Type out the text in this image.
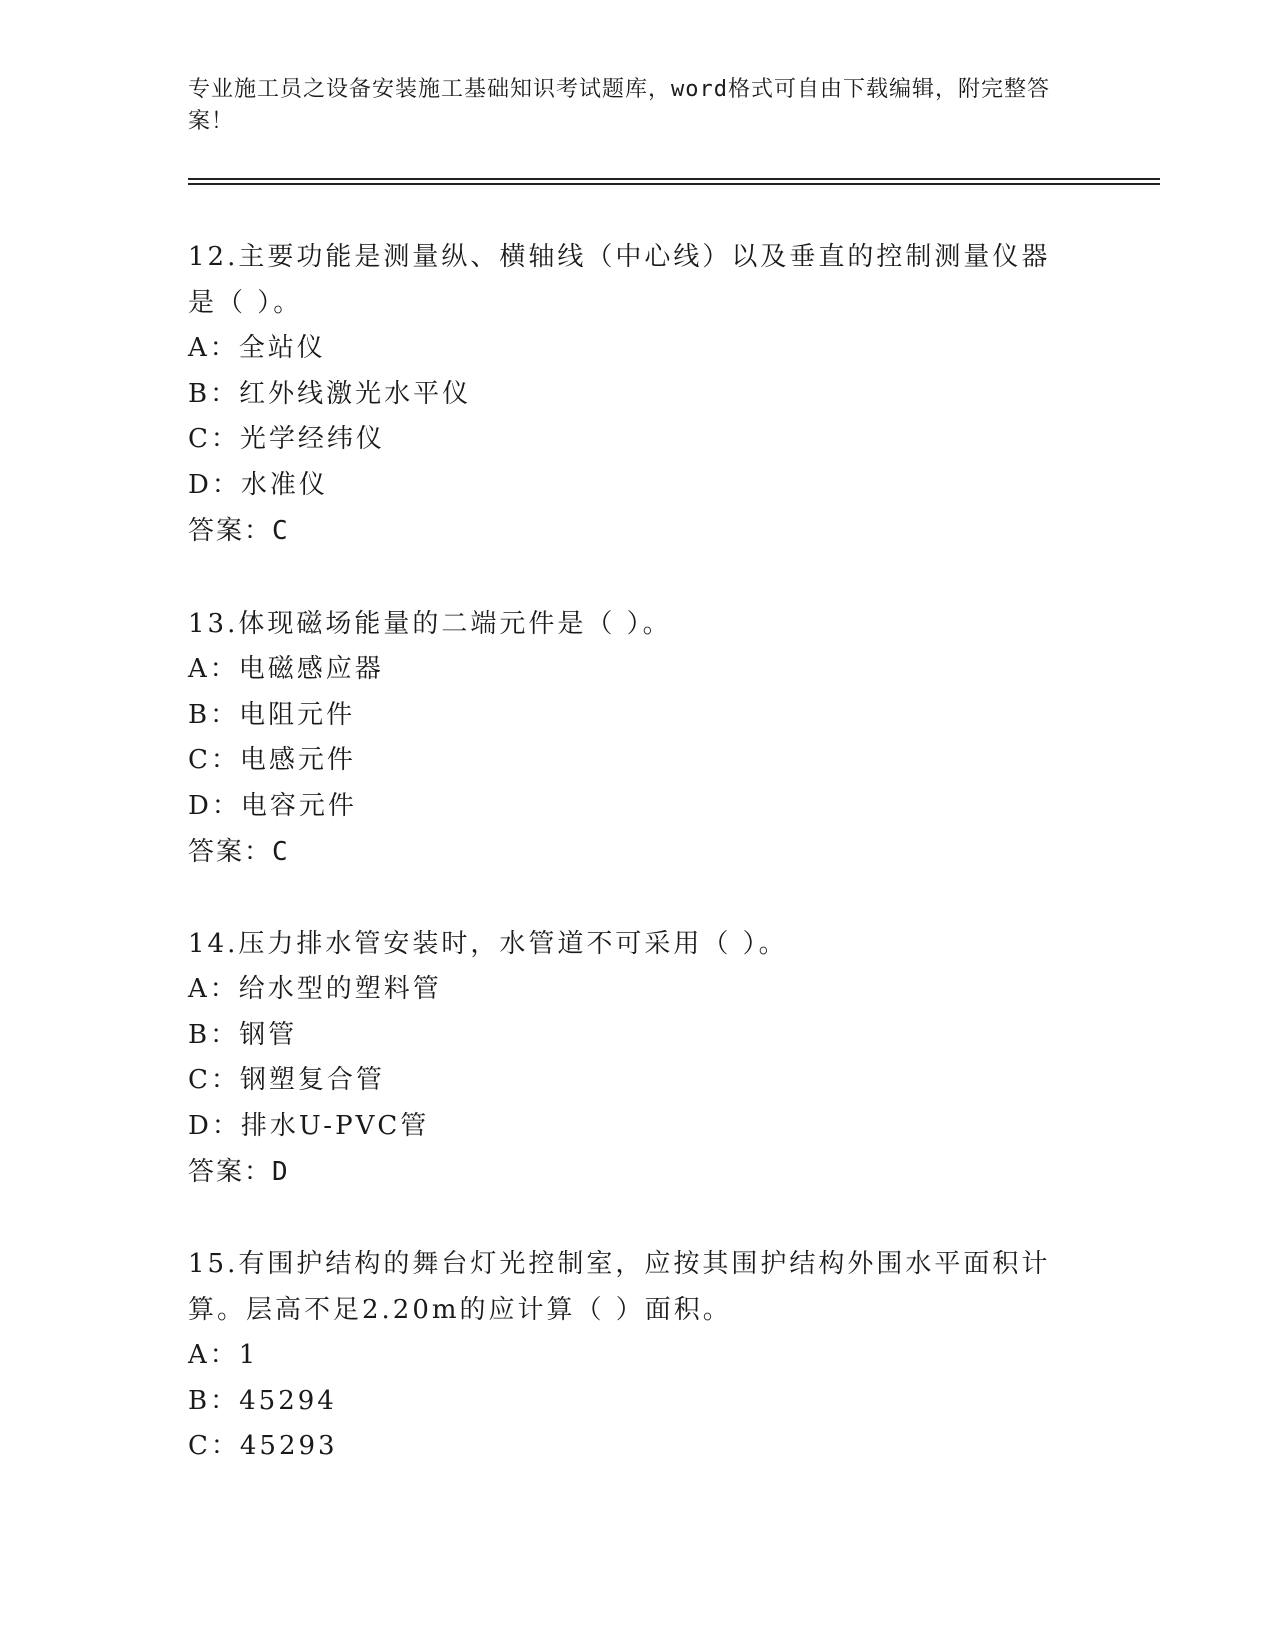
专业施工员之设备安装施工基础知识考试题库，word格式可自由下载编辑，附完整答案！
12.主要功能是测量纵、横轴线（中心线）以及垂直的控制测量仪器是（ ）。
A：全站仪
B：红外线激光水平仪
C：光学经纬仪
D：水准仪
答案：C
13.体现磁场能量的二端元件是（ ）。
A：电磁感应器
B：电阻元件
C：电感元件
D：电容元件
答案：C
14.压力排水管安装时，水管道不可采用（ ）。
A：给水型的塑料管
B：钢管
C：钢塑复合管
D：排水U-PVC管
答案：D
15.有围护结构的舞台灯光控制室，应按其围护结构外围水平面积计算。层高不足2.20m的应计算（ ）面积。
A：1
B：45294
C：45293
